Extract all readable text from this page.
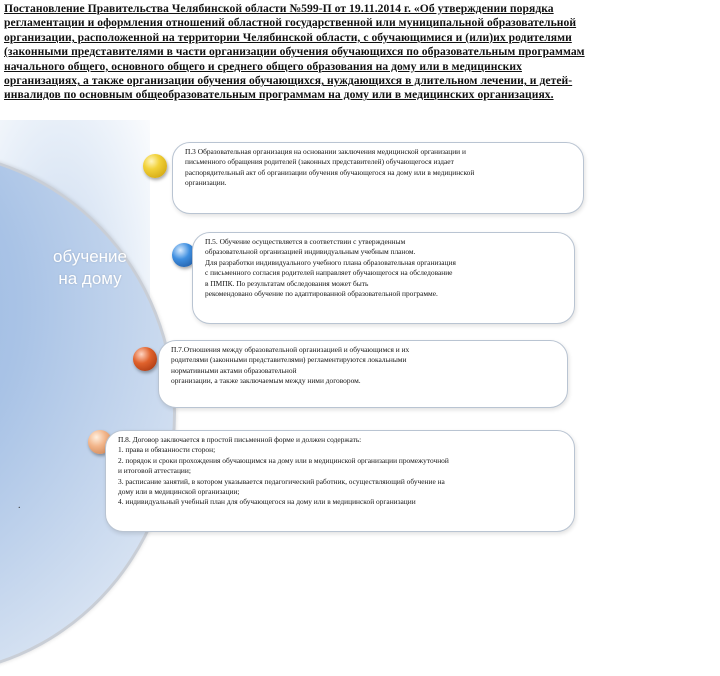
Постановление Правительства Челябинской области №599-П от 19.11.2014 г. «Об утверждении порядка
регламентации и оформления отношений областной государственной или муниципальной образовательной
организации, расположенной на территории Челябинской области, с обучающимися и (или)их родителями
(законными представителями в части организации обучения обучающихся по образовательным программам
начального общего, основного общего и среднего общего образования на дому или в медицинских
организациях, а также организации обучения обучающихся, нуждающихся в длительном лечении, и детей-
инвалидов по основным общеобразовательным программам на дому или в медицинских организациях.
обучение
на дому
.

П.3 Образовательная организация на основании заключения медицинской организации и

письменного обращения родителей (законных представителей) обучающегося издает

распорядительный акт об организации обучения обучающегося на дому или в медицинской

организации.

П.5. Обучение осуществляется в соответствии с утвержденным

образовательной организацией индивидуальным учебным планом.

Для разработки индивидуального учебного плана образовательная организация

с письменного согласия родителей направляет обучающегося на обследование

в ПМПК. По результатам обследования может быть

рекомендовано обучение по адаптированной образовательной программе.

П.7.Отношения между образовательной организацией и обучающимся и их

родителями (законными представителями) регламентируются локальными

нормативными актами образовательной

организации, а также заключаемым между ними договором.

П.8. Договор заключается в простой письменной форме и должен содержать:

1. права и обязанности сторон;

2. порядок и сроки прохождения обучающимся на дому или в медицинской организации промежуточной

и итоговой аттестации;

3. расписание занятий, в котором указывается педагогический работник, осуществляющий обучение на

дому или в медицинской организации;

4. индивидуальный учебный план для обучающегося на дому или в медицинской организации
